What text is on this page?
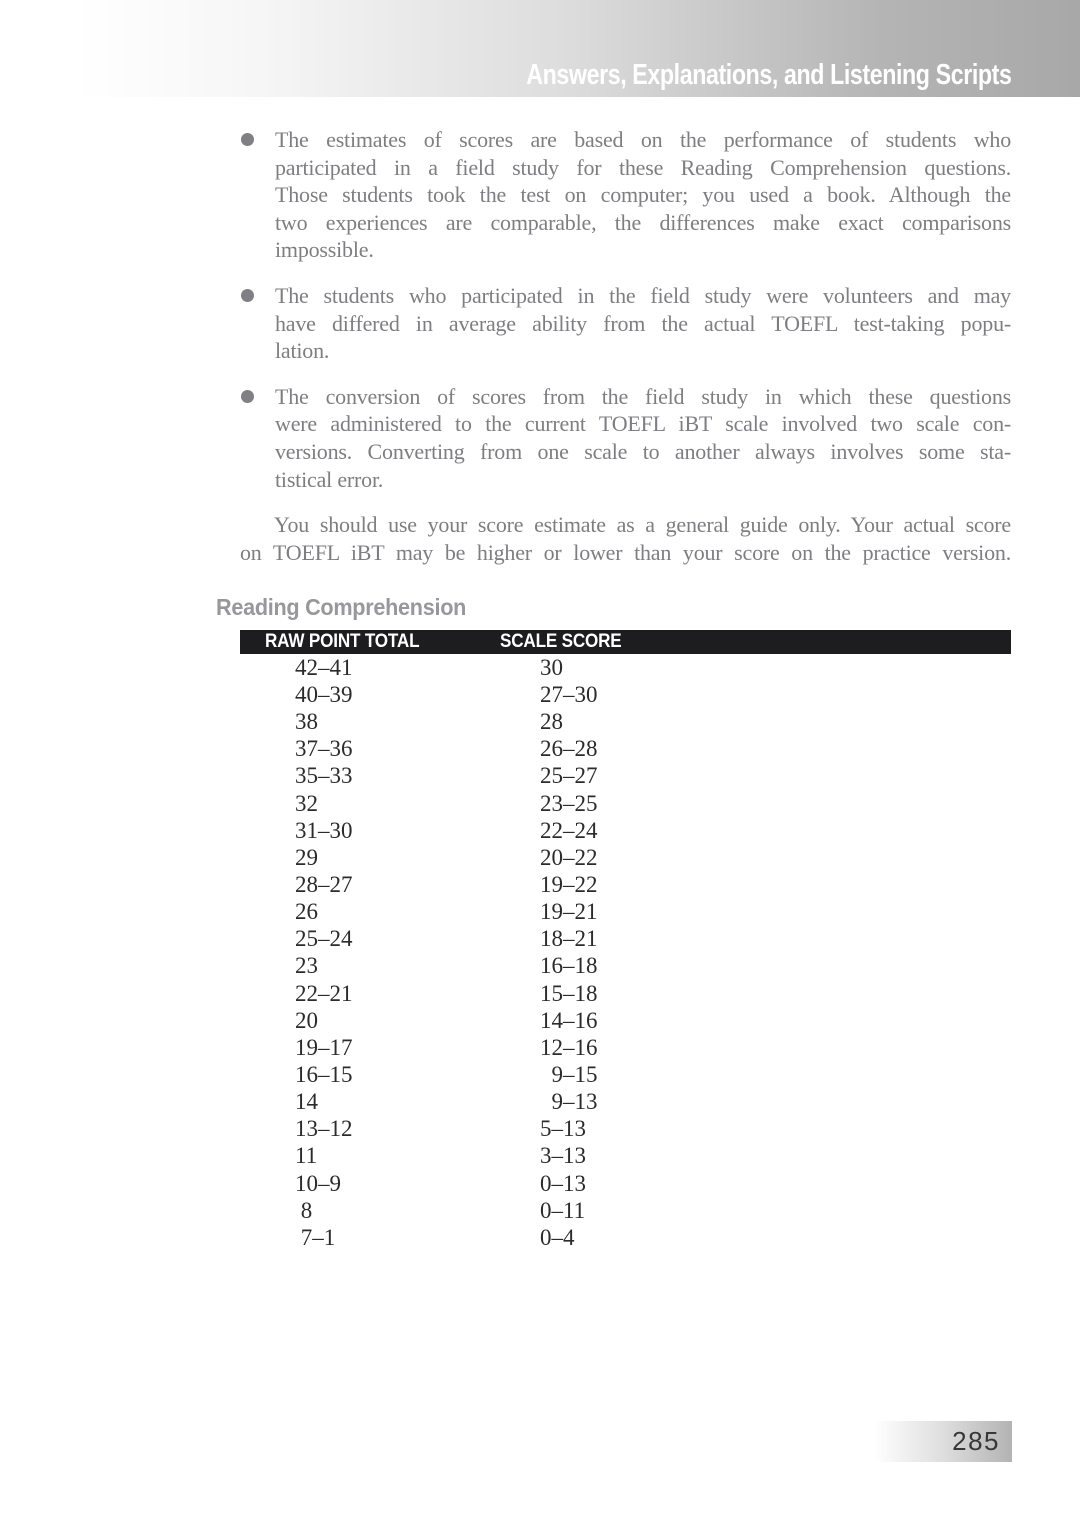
Answers, Explanations, and Listening Scripts
The estimates of scores are based on the performance of students who
participated in a field study for these Reading Comprehension questions.
Those students took the test on computer; you used a book. Although the
two experiences are comparable, the differences make exact comparisons
impossible.
The students who participated in the field study were volunteers and may
have differed in average ability from the actual TOEFL test-taking popu-
lation.
The conversion of scores from the field study in which these questions
were administered to the current TOEFL iBT scale involved two scale con-
versions. Converting from one scale to another always involves some sta-
tistical error.
You should use your score estimate as a general guide only. Your actual score
on TOEFL iBT may be higher or lower than your score on the practice version.
Reading Comprehension
RAW POINT TOTAL	SCALE SCORE
42–41	30
40–39	27–30
38	28
37–36	26–28
35–33	25–27
32	23–25
31–30	22–24
29	20–22
28–27	19–22
26	19–21
25–24	18–21
23	16–18
22–21	15–18
20	14–16
19–17	12–16
16–15	9–15
14	9–13
13–12	5–13
11	3–13
10–9	0–13
8	0–11
7–1	0–4
285
